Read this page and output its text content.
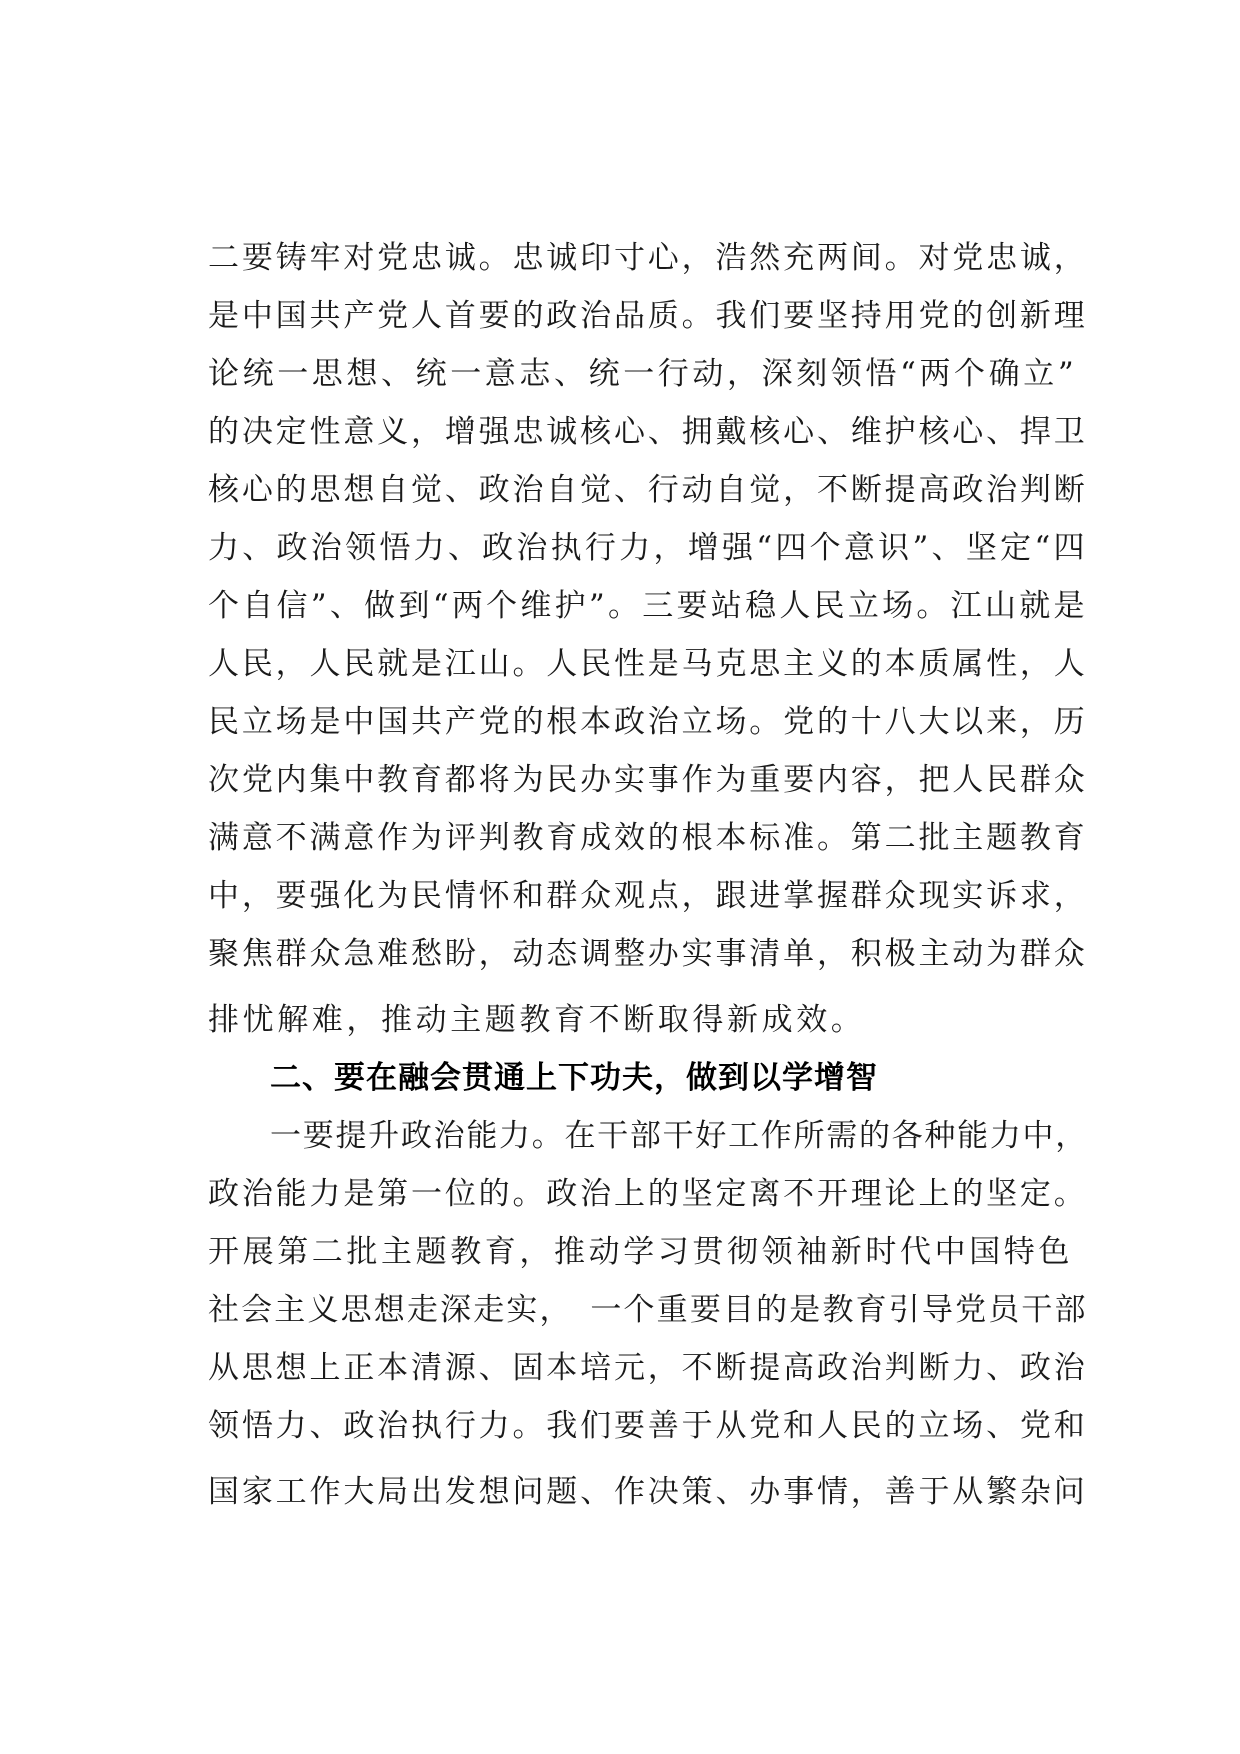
二要铸牢对党忠诚。忠诚印寸心，浩然充两间。对党忠诚，
是中国共产党人首要的政治品质。我们要坚持用党的创新理
论统一思想、统一意志、统一行动，深刻领悟“两个确立”
的决定性意义，增强忠诚核心、拥戴核心、维护核心、捍卫
核心的思想自觉、政治自觉、行动自觉，不断提高政治判断
力、政治领悟力、政治执行力，增强“四个意识”、坚定“四
个自信”、做到“两个维护”。三要站稳人民立场。江山就是
人民，人民就是江山。人民性是马克思主义的本质属性，人
民立场是中国共产党的根本政治立场。党的十八大以来，历
次党内集中教育都将为民办实事作为重要内容，把人民群众
满意不满意作为评判教育成效的根本标准。第二批主题教育
中，要强化为民情怀和群众观点，跟进掌握群众现实诉求，
聚焦群众急难愁盼，动态调整办实事清单，积极主动为群众
排忧解难，推动主题教育不断取得新成效。
二、要在融会贯通上下功夫，做到以学增智
一要提升政治能力。在干部干好工作所需的各种能力中，
政治能力是第一位的。政治上的坚定离不开理论上的坚定。
开展第二批主题教育，推动学习贯彻领袖新时代中国特色
社会主义思想走深走实，　一个重要目的是教育引导党员干部
从思想上正本清源、固本培元，不断提高政治判断力、政治
领悟力、政治执行力。我们要善于从党和人民的立场、党和
国家工作大局出发想问题、作决策、办事情，善于从繁杂问
